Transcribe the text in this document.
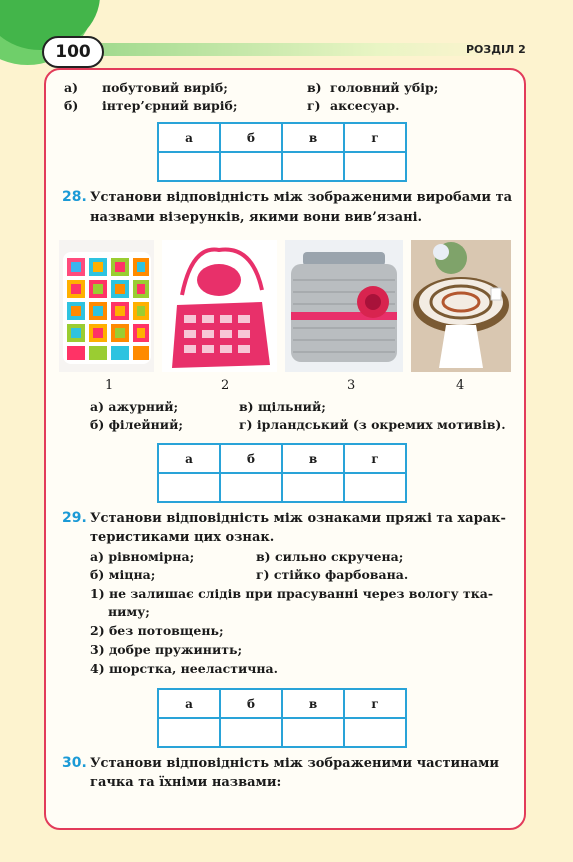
100	РОЗДІЛ 2
а) побутовий виріб;
б) інтер’єрний виріб;
в) головний убір;
г) аксесуар.
а	б	в	г

28. Установи відповідність між зображеними виробами та
назвами візерунків, якими вони вив’язані.
1	2	3	4
а) ажурний;
б) філейний;
в) щільний;
г) ірландський (з окремих мотивів).
а	б	в	г

29. Установи відповідність між ознаками пряжі та харак-
теристиками цих ознак.
а) рівномірна;
б) міцна;
в) сильно скручена;
г) стійко фарбована.
1) не залишає слідів при прасуванні через вологу тка-
ниму;
2) без потовщень;
3) добре пружинить;
4) шорстка, нееластична.
а	б	в	г

30. Установи відповідність між зображеними частинами
гачка та їхніми назвами:
